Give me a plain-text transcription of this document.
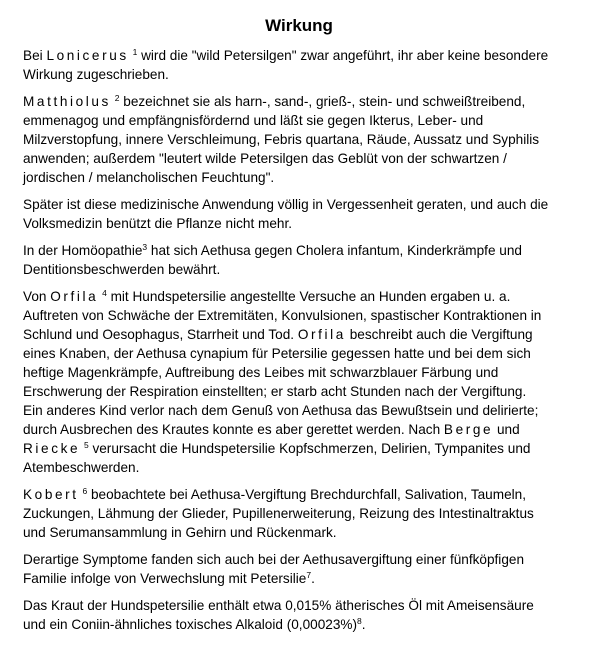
Wirkung

Bei Lonicerus $^1$ wird die "wild Petersilgen" zwar angeführt, ihr aber keine besondere
Wirkung zugeschrieben.

Matthiolus $^2$ bezeichnet sie als harn-, sand-, grieß-, stein- und schweißtreibend,
emmenagog und empfängnisfördernd und läßt sie gegen Ikterus, Leber- und
Milzverstopfung, innere Verschleimung, Febris quartana, Räude, Aussatz und Syphilis
anwenden; außerdem "leutert wilde Petersilgen das Geblüt von der schwartzen /
jordischen / melancholischen Feuchtung".

Später ist diese medizinische Anwendung völlig in Vergessenheit geraten, und auch die
Volksmedizin benützt die Pflanze nicht mehr.

In der Homöopathie$^3$ hat sich Aethusa gegen Cholera infantum, Kinderkrämpfe und
Dentitionsbeschwerden bewährt.

Von Orfila $^4$ mit Hundspetersilie angestellte Versuche an Hunden ergaben u. a.
Auftreten von Schwäche der Extremitäten, Konvulsionen, spastischer Kontraktionen in
Schlund und Oesophagus, Starrheit und Tod. Orfila beschreibt auch die Vergiftung
eines Knaben, der Aethusa cynapium für Petersilie gegessen hatte und bei dem sich
heftige Magenkrämpfe, Auftreibung des Leibes mit schwarzblauer Färbung und
Erschwerung der Respiration einstellten; er starb acht Stunden nach der Vergiftung.
Ein anderes Kind verlor nach dem Genuß von Aethusa das Bewußtsein und delirierte;
durch Ausbrechen des Krautes konnte es aber gerettet werden. Nach Berge und
Riecke $^5$ verursacht die Hundspetersilie Kopfschmerzen, Delirien, Tympanites und
Atembeschwerden.

Kobert $^6$ beobachtete bei Aethusa-Vergiftung Brechdurchfall, Salivation, Taumeln,
Zuckungen, Lähmung der Glieder, Pupillenerweiterung, Reizung des Intestinaltraktus
und Serumansammlung in Gehirn und Rückenmark.

Derartige Symptome fanden sich auch bei der Aethusavergiftung einer fünfköpfigen
Familie infolge von Verwechslung mit Petersilie$^7$.

Das Kraut der Hundspetersilie enthält etwa 0,015% ätherisches Öl mit Ameisensäure
und ein Coniin-ähnliches toxisches Alkaloid $(0,00023\%)^8$.
